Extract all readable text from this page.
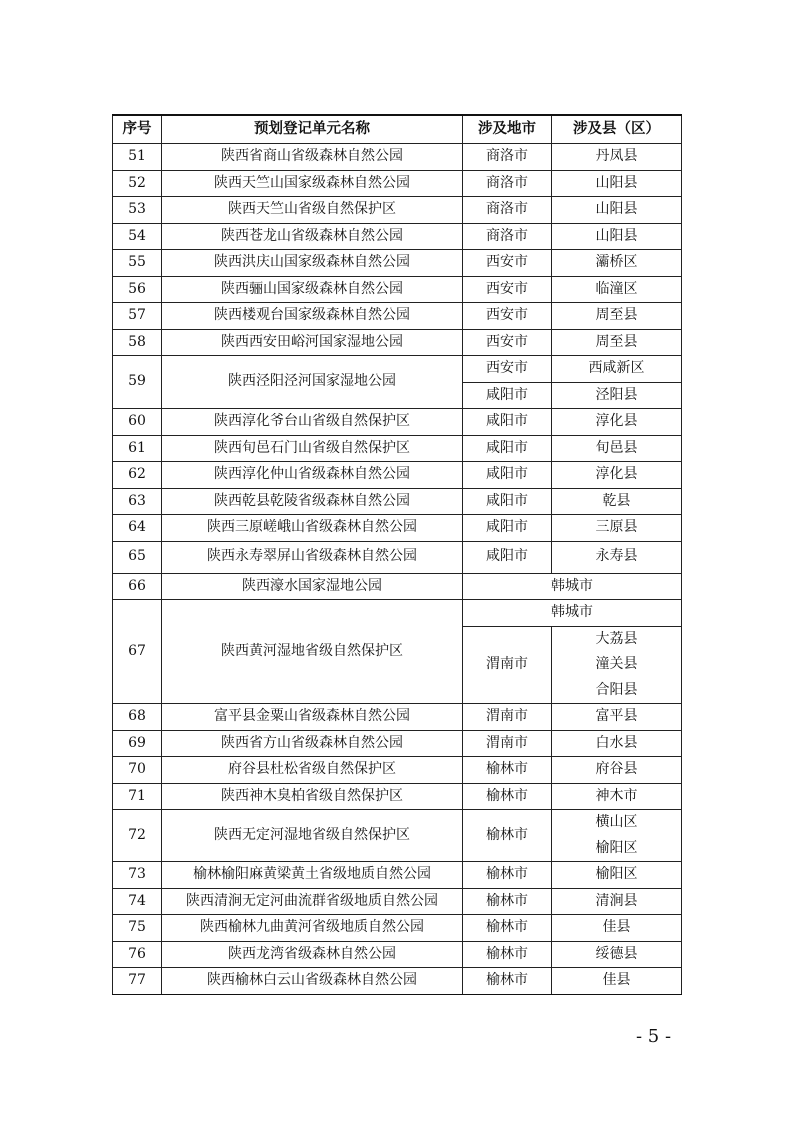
序号	预划登记单元名称	涉及地市	涉及县（区）
51	陕西省商山省级森林自然公园	商洛市	丹凤县
52	陕西天竺山国家级森林自然公园	商洛市	山阳县
53	陕西天竺山省级自然保护区	商洛市	山阳县
54	陕西苍龙山省级森林自然公园	商洛市	山阳县
55	陕西洪庆山国家级森林自然公园	西安市	灞桥区
56	陕西骊山国家级森林自然公园	西安市	临潼区
57	陕西楼观台国家级森林自然公园	西安市	周至县
58	陕西西安田峪河国家湿地公园	西安市	周至县
59	陕西泾阳泾河国家湿地公园	西安市	西咸新区
		咸阳市	泾阳县
60	陕西淳化爷台山省级自然保护区	咸阳市	淳化县
61	陕西旬邑石门山省级自然保护区	咸阳市	旬邑县
62	陕西淳化仲山省级森林自然公园	咸阳市	淳化县
63	陕西乾县乾陵省级森林自然公园	咸阳市	乾县
64	陕西三原嵯峨山省级森林自然公园	咸阳市	三原县
65	陕西永寿翠屏山省级森林自然公园	咸阳市	永寿县
66	陕西濠水国家湿地公园	韩城市	
67	陕西黄河湿地省级自然保护区	韩城市	
		渭南市	大荔县
潼关县
合阳县

68	富平县金粟山省级森林自然公园	渭南市	富平县
69	陕西省方山省级森林自然公园	渭南市	白水县
70	府谷县杜松省级自然保护区	榆林市	府谷县
71	陕西神木臭柏省级自然保护区	榆林市	神木市
72	陕西无定河湿地省级自然保护区	榆林市	横山区
榆阳区

73	榆林榆阳麻黄梁黄土省级地质自然公园	榆林市	榆阳区
74	陕西清涧无定河曲流群省级地质自然公园	榆林市	清涧县
75	陕西榆林九曲黄河省级地质自然公园	榆林市	佳县
76	陕西龙湾省级森林自然公园	榆林市	绥德县
77	陕西榆林白云山省级森林自然公园	榆林市	佳县
- 5 -
